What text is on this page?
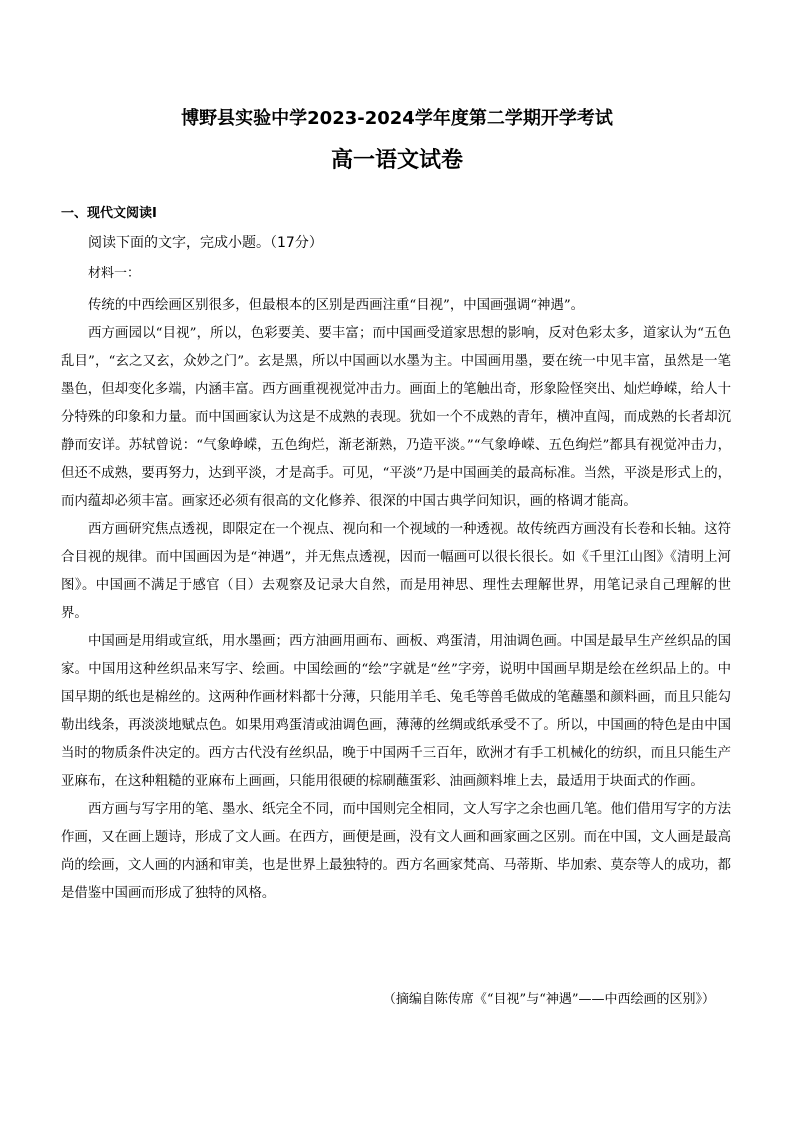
博野县实验中学2023-2024学年度第二学期开学考试
高一语文试卷

一、现代文阅读Ⅰ

阅读下面的文字，完成小题。（17分）

材料一：

传统的中西绘画区别很多，但最根本的区别是西画注重“目视”，中国画强调“神遇”。

西方画园以“目视”，所以，色彩要美、要丰富；而中国画受道家思想的影响，反对色彩太多，道家认为“五色乱目”，“玄之又玄，众妙之门”。玄是黑，所以中国画以水墨为主。中国画用墨，要在统一中见丰富，虽然是一笔墨色，但却变化多端，内涵丰富。西方画重视视觉冲击力。画面上的笔触出奇，形象险怪突出、灿烂峥嵘，给人十分特殊的印象和力量。而中国画家认为这是不成熟的表现。犹如一个不成熟的青年，横冲直闯，而成熟的长者却沉静而安详。苏轼曾说：“气象峥嵘，五色绚烂，渐老渐熟，乃造平淡。”“气象峥嵘、五色绚烂”都具有视觉冲击力，但还不成熟，要再努力，达到平淡，才是高手。可见，“平淡”乃是中国画美的最高标准。当然，平淡是形式上的，而内蕴却必须丰富。画家还必须有很高的文化修养、很深的中国古典学问知识，画的格调才能高。

西方画研究焦点透视，即限定在一个视点、视向和一个视域的一种透视。故传统西方画没有长卷和长轴。这符合目视的规律。而中国画因为是“神遇”，并无焦点透视，因而一幅画可以很长很长。如《千里江山图》《清明上河图》。中国画不满足于感官（目）去观察及记录大自然，而是用神思、理性去理解世界，用笔记录自己理解的世界。

中国画是用绢或宣纸，用水墨画；西方油画用画布、画板、鸡蛋清，用油调色画。中国是最早生产丝织品的国家。中国用这种丝织品来写字、绘画。中国绘画的“绘”字就是“丝”字旁，说明中国画早期是绘在丝织品上的。中国早期的纸也是棉丝的。这两种作画材料都十分薄，只能用羊毛、兔毛等兽毛做成的笔蘸墨和颜料画，而且只能勾勒出线条，再淡淡地赋点色。如果用鸡蛋清或油调色画，薄薄的丝绸或纸承受不了。所以，中国画的特色是由中国当时的物质条件决定的。西方古代没有丝织品，晚于中国两千三百年，欧洲才有手工机械化的纺织，而且只能生产亚麻布，在这种粗糙的亚麻布上画画，只能用很硬的棕刷蘸蛋彩、油画颜料堆上去，最适用于块面式的作画。

西方画与写字用的笔、墨水、纸完全不同，而中国则完全相同，文人写字之余也画几笔。他们借用写字的方法作画，又在画上题诗，形成了文人画。在西方，画便是画，没有文人画和画家画之区别。而在中国，文人画是最高尚的绘画，文人画的内涵和审美，也是世界上最独特的。西方名画家梵高、马蒂斯、毕加索、莫奈等人的成功，都是借鉴中国画而形成了独特的风格。

（摘编自陈传席《“目视”与“神遇”——中西绘画的区别》）
